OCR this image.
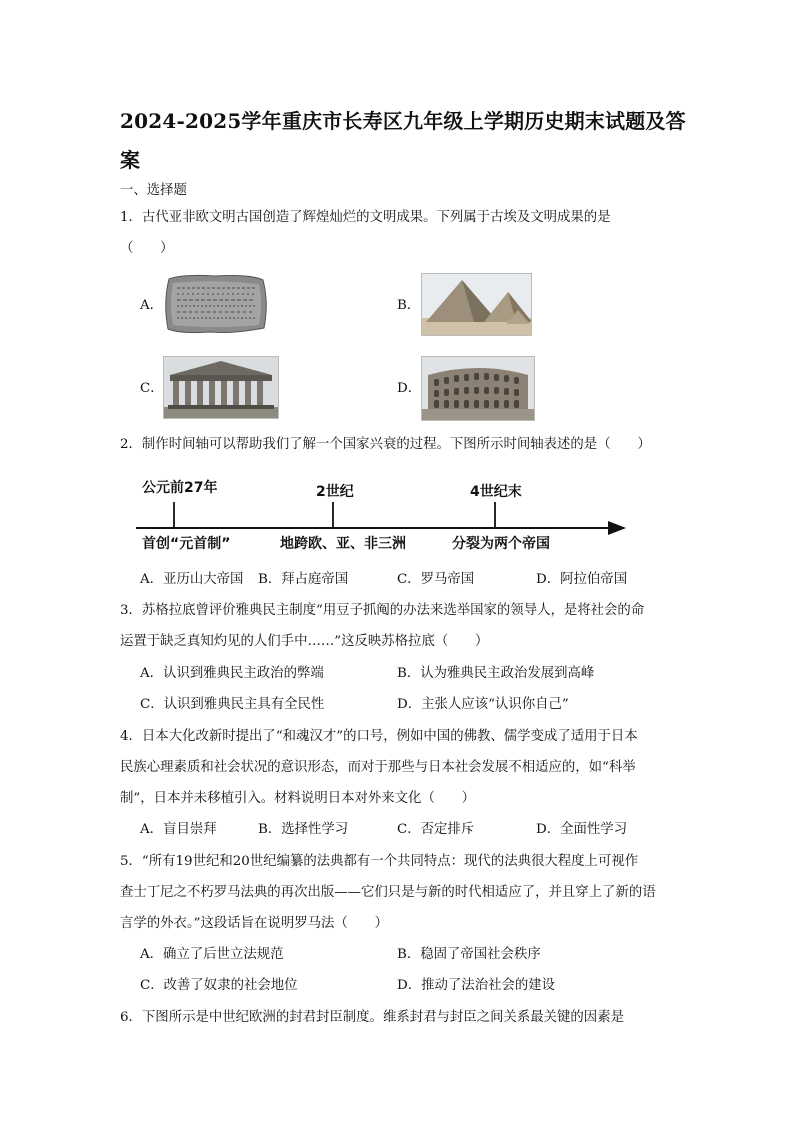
2024-2025学年重庆市长寿区九年级上学期历史期末试题及答案
一、选择题
1．古代亚非欧文明古国创造了辉煌灿烂的文明成果。下列属于古埃及文明成果的是
（　　）
A．	B．
C．	D．
2．制作时间轴可以帮助我们了解一个国家兴衰的过程。下图所示时间轴表述的是（　　）
公元前27年	2世纪	4世纪末
首创“元首制”	地跨欧、亚、非三洲	分裂为两个帝国
A．亚历山大帝国 B．拜占庭帝国	C．罗马帝国	D．阿拉伯帝国
3．苏格拉底曾评价雅典民主制度“用豆子抓阄的办法来选举国家的领导人，是将社会的命
运置于缺乏真知灼见的人们手中……”这反映苏格拉底（　　）
A．认识到雅典民主政治的弊端	B．认为雅典民主政治发展到高峰
C．认识到雅典民主具有全民性	D．主张人应该“认识你自己”
4．日本大化改新时提出了“和魂汉才”的口号，例如中国的佛教、儒学变成了适用于日本
民族心理素质和社会状况的意识形态，而对于那些与日本社会发展不相适应的，如“科举
制”，日本并未移植引入。材料说明日本对外来文化（　　）
A．盲目崇拜	B．选择性学习	C．否定排斥	D．全面性学习
5．“所有19世纪和20世纪编纂的法典都有一个共同特点：现代的法典很大程度上可视作
查士丁尼之不朽罗马法典的再次出版——它们只是与新的时代相适应了，并且穿上了新的语
言学的外衣。”这段话旨在说明罗马法（　　）
A．确立了后世立法规范	B．稳固了帝国社会秩序
C．改善了奴隶的社会地位	D．推动了法治社会的建设
6．下图所示是中世纪欧洲的封君封臣制度。维系封君与封臣之间关系最关键的因素是
